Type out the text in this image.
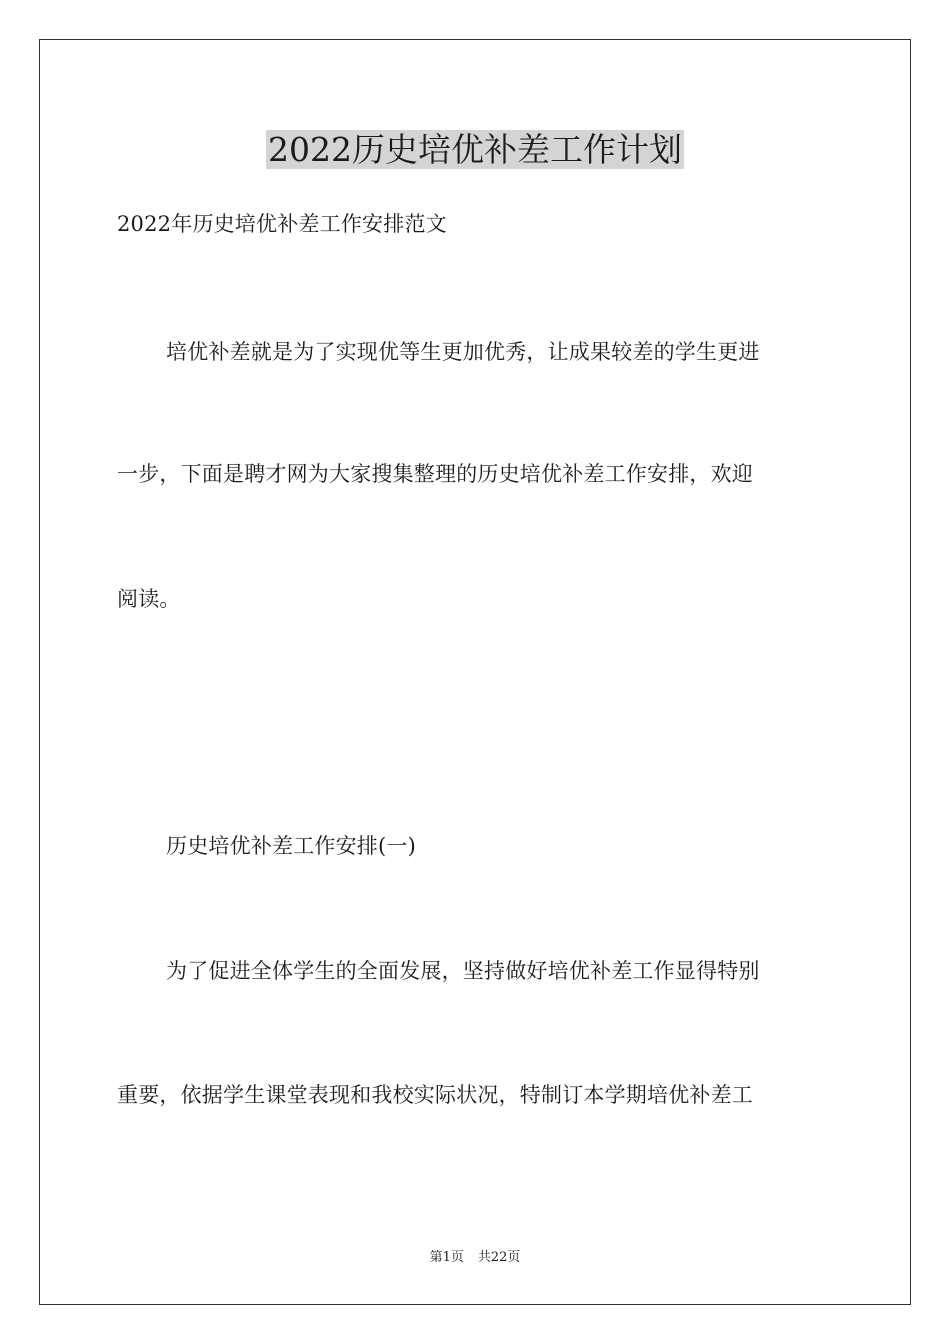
2022历史培优补差工作计划

2022年历史培优补差工作安排范文

培优补差就是为了实现优等生更加优秀，让成果较差的学生更进

一步，下面是聘才网为大家搜集整理的历史培优补差工作安排，欢迎

阅读。

历史培优补差工作安排(一)

为了促进全体学生的全面发展，坚持做好培优补差工作显得特别

重要，依据学生课堂表现和我校实际状况，特制订本学期培优补差工

第1页 共22页
